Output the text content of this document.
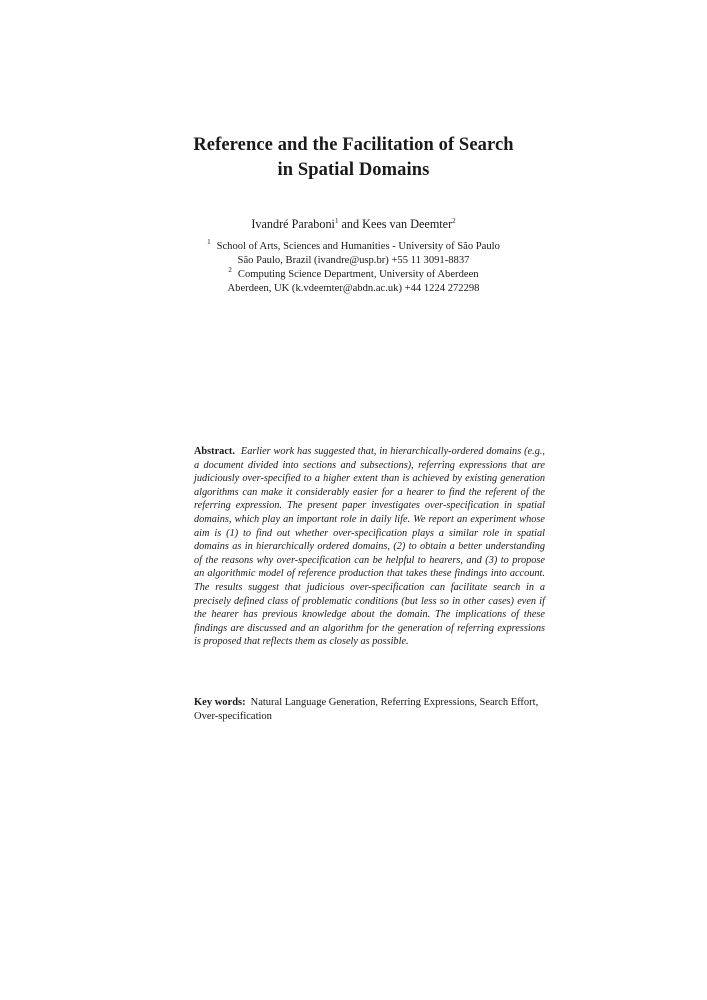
Reference and the Facilitation of Search
in Spatial Domains
Ivandré Paraboni$^1$ and Kees van Deemter$^2$
$^1$ School of Arts, Sciences and Humanities - University of São Paulo
São Paulo, Brazil (ivandre@usp.br) +55 11 3091-8837
$^2$ Computing Science Department, University of Aberdeen
Aberdeen, UK (k.vdeemter@abdn.ac.uk) +44 1224 272298
Abstract. Earlier work has suggested that, in hierarchically-ordered domains (e.g., a document divided into sections and subsections), referring expressions that are judiciously over-specified to a higher extent than is achieved by existing generation algorithms can make it considerably easier for a hearer to find the referent of the referring expression. The present paper investigates over-specification in spatial domains, which play an important role in daily life. We report an experiment whose aim is (1) to find out whether over-specification plays a similar role in spatial domains as in hierarchically ordered domains, (2) to obtain a better understanding of the reasons why over-specification can be helpful to hearers, and (3) to propose an algorithmic model of reference production that takes these findings into account. The results suggest that judicious over-specification can facilitate search in a precisely defined class of problematic conditions (but less so in other cases) even if the hearer has previous knowledge about the domain. The implications of these findings are discussed and an algorithm for the generation of referring expressions is proposed that reflects them as closely as possible.
Key words: Natural Language Generation, Referring Expressions, Search Effort, Over-specification
